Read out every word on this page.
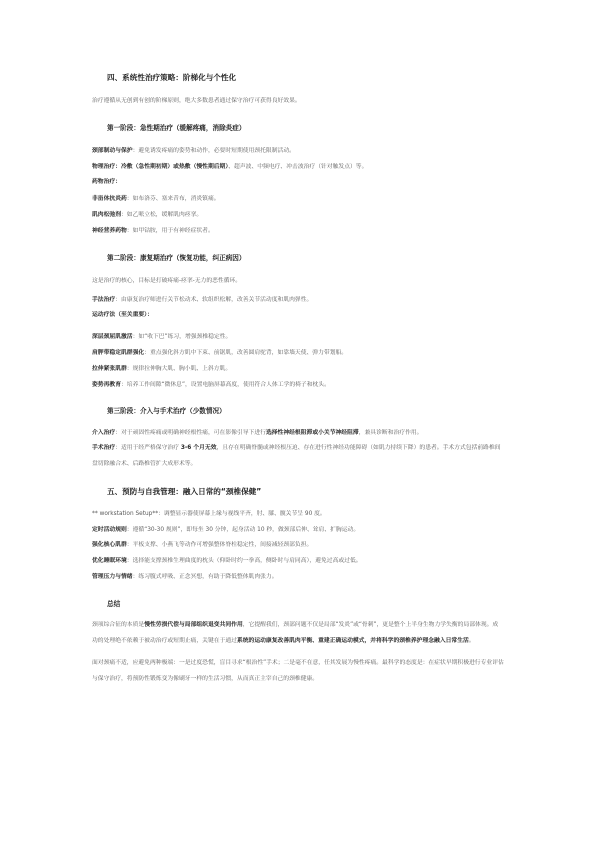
四、系统性治疗策略：阶梯化与个性化
治疗遵循从无创到有创的阶梯原则，绝大多数患者通过保守治疗可获得良好效果。
第一阶段：急性期治疗（缓解疼痛，消除炎症）
颈部制动与保护：避免诱发疼痛的姿势和动作，必要时短期使用颈托限制活动。
物理治疗：冷敷（急性期初期）或热敷（慢性期后期）、超声波、中频电疗、冲击波治疗（针对触发点）等。
药物治疗：
非甾体抗炎药：如布洛芬、塞来昔布，消炎镇痛。
肌肉松弛剂：如乙哌立松，缓解肌肉痉挛。
神经营养药物：如甲钴胺，用于有神经症状者。
第二阶段：康复期治疗（恢复功能，纠正病因）
这是治疗的核心，目标是打破疼痛-痉挛-无力的恶性循环。
手法治疗：由康复治疗师进行关节松动术、软组织松解，改善关节活动度和肌肉弹性。
运动疗法（至关重要）：
深层颈屈肌激活：如“收下巴”练习，增强颈椎稳定性。
肩胛带稳定肌群强化：重点强化斜方肌中下束、前锯肌，改善圆肩驼背，如靠墙天使、弹力带划船。
拉伸紧张肌群：规律拉伸胸大肌、胸小肌、上斜方肌。
姿势再教育：培养工作间隙“微休息”，设置电脑屏幕高度，使用符合人体工学的椅子和枕头。
第三阶段：介入与手术治疗（少数情况）
介入治疗：对于顽固性疼痛或明确神经根性痛，可在影像引导下进行选择性神经根阻滞或小关节神经阻滞，兼具诊断和治疗作用。
手术治疗：适用于经严格保守治疗 3-6 个月无效，且存在明确脊髓或神经根压迫、存在进行性神经功能障碍（如肌力持续下降）的患者。手术方式包括前路椎间盘切除融合术、后路椎管扩大成形术等。
五、预防与自我管理：融入日常的“颈椎保健”
** workstation Setup**：调整显示器使屏幕上缘与视线平齐，肘、膝、髋关节呈 90 度。
定时活动规则：遵循“30-30 规则”，即每坐 30 分钟，起身活动 10 秒，做颈部后伸、耸肩、扩胸运动。
强化核心肌群：平板支撑、小燕飞等动作可增强整体脊柱稳定性，间接减轻颈部负担。
优化睡眠环境：选择能支撑颈椎生理曲度的枕头（仰卧时约一拳高，侧卧时与肩同高），避免过高或过低。
管理压力与情绪：练习腹式呼吸、正念冥想，有助于降低整体肌肉张力。
总结
颈项综合征的本质是慢性劳损代偿与局部组织退变共同作用，它提醒我们，颈部问题不仅是局部“发炎”或“骨刺”，更是整个上半身生物力学失衡的局部体现。成功的处理绝不依赖于被动治疗或短期止痛，关键在于通过系统的运动康复改善肌肉平衡、重建正确运动模式，并将科学的颈椎养护理念融入日常生活。
面对颈痛不适，应避免两种极端：一是过度恐慌，盲目寻求“根治性”手术；二是毫不在意，任其发展为慢性疼痛。最科学的态度是：在症状早期积极进行专业评估与保守治疗，将预防性锻炼变为像刷牙一样的生活习惯，从而真正主宰自己的颈椎健康。
